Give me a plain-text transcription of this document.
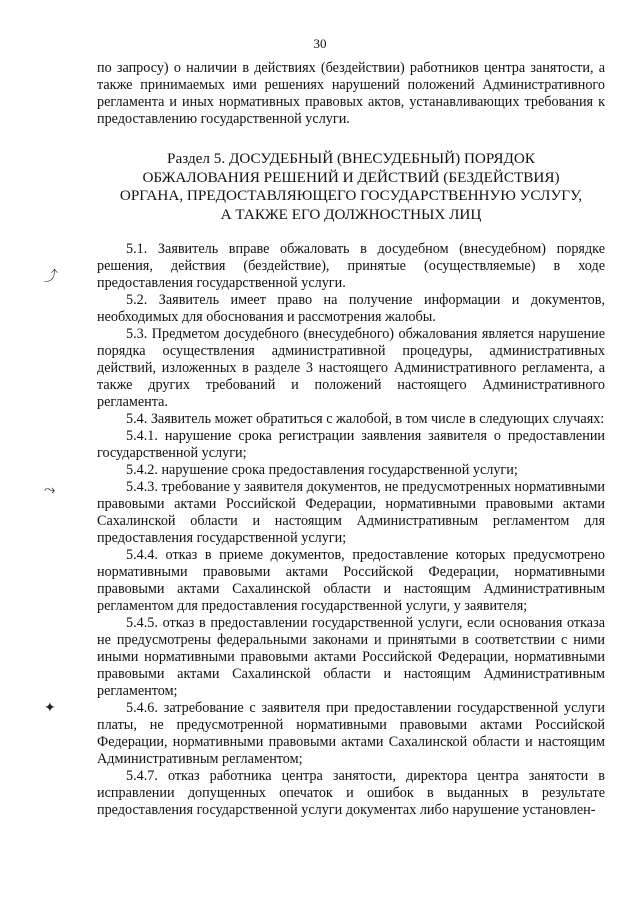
30
⤴
⤳
✦

по запросу) о наличии в действиях (бездействии) работников центра занятости, а также принимаемых ими решениях нарушений положений Административного регламента и иных нормативных правовых актов, устанавливающих требования к предоставлению государственной услуги.

Раздел 5. ДОСУДЕБНЫЙ (ВНЕСУДЕБНЫЙ) ПОРЯДОК
ОБЖАЛОВАНИЯ РЕШЕНИЙ И ДЕЙСТВИЙ (БЕЗДЕЙСТВИЯ)
ОРГАНА, ПРЕДОСТАВЛЯЮЩЕГО ГОСУДАРСТВЕННУЮ УСЛУГУ,
А ТАКЖЕ ЕГО ДОЛЖНОСТНЫХ ЛИЦ

5.1. Заявитель вправе обжаловать в досудебном (внесудебном) порядке решения, действия (бездействие), принятые (осуществляемые) в ходе предоставления государственной услуги.

5.2. Заявитель имеет право на получение информации и документов, необходимых для обоснования и рассмотрения жалобы.

5.3. Предметом досудебного (внесудебного) обжалования является нарушение порядка осуществления административной процедуры, административных действий, изложенных в разделе 3 настоящего Административного регламента, а также других требований и положений настоящего Административного регламента.

5.4. Заявитель может обратиться с жалобой, в том числе в следующих случаях:

5.4.1. нарушение срока регистрации заявления заявителя о предоставлении государственной услуги;

5.4.2. нарушение срока предоставления государственной услуги;

5.4.3. требование у заявителя документов, не предусмотренных нормативными правовыми актами Российской Федерации, нормативными правовыми актами Сахалинской области и настоящим Административным регламентом для предоставления государственной услуги;

5.4.4. отказ в приеме документов, предоставление которых предусмотрено нормативными правовыми актами Российской Федерации, нормативными правовыми актами Сахалинской области и настоящим Административным регламентом для предоставления государственной услуги, у заявителя;

5.4.5. отказ в предоставлении государственной услуги, если основания отказа не предусмотрены федеральными законами и принятыми в соответствии с ними иными нормативными правовыми актами Российской Федерации, нормативными правовыми актами Сахалинской области и настоящим Административным регламентом;

5.4.6. затребование с заявителя при предоставлении государственной услуги платы, не предусмотренной нормативными правовыми актами Российской Федерации, нормативными правовыми актами Сахалинской области и настоящим Административным регламентом;

5.4.7. отказ работника центра занятости, директора центра занятости в исправлении допущенных опечаток и ошибок в выданных в результате предоставления государственной услуги документах либо нарушение установлен-
